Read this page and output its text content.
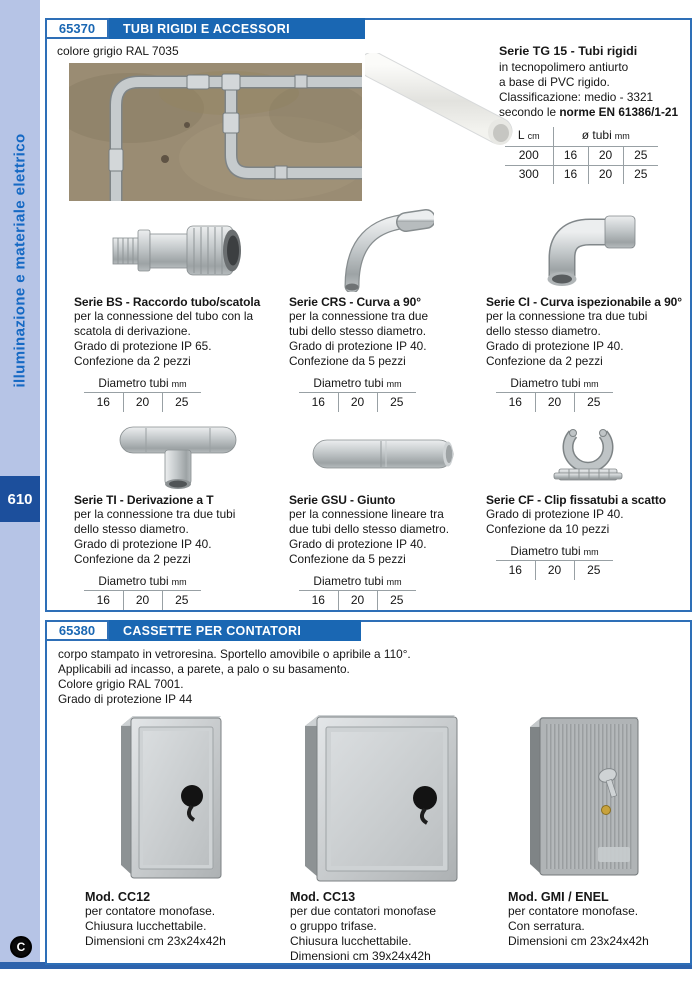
illuminazione e materiale elettrico
610
C
65370	TUBI RIGIDI E ACCESSORI
colore grigio RAL 7035	Serie TG 15 - Tubi rigidi
in tecnopolimero antiurto
a base di PVC rigido.
Classificazione: medio - 3321
secondo le norme EN 61386/1-21
L cm	ø tubi mm		
200	16	20	25
300	16	20	25
Serie BS - Raccordo tubo/scatola
per la connessione del tubo con la
scatola di derivazione.
Grado di protezione IP 65.
Confezione da 2 pezzi
Diametro tubi mm
16	20	25
Serie CRS - Curva a 90°
per la connessione tra due
tubi dello stesso diametro.
Grado di protezione IP 40.
Confezione da 5 pezzi
Diametro tubi mm
16	20	25
Serie CI - Curva ispezionabile a 90°
per la connessione tra due tubi
dello stesso diametro.
Grado di protezione IP 40.
Confezione da 2 pezzi
Diametro tubi mm
16	20	25
Serie TI - Derivazione a T
per la connessione tra due tubi
dello stesso diametro.
Grado di protezione IP 40.
Confezione da 2 pezzi
Diametro tubi mm
16	20	25
Serie GSU - Giunto
per la connessione lineare tra
due tubi dello stesso diametro.
Grado di protezione IP 40.
Confezione da 5 pezzi
Diametro tubi mm
16	20	25
Serie CF - Clip fissatubi a scatto
Grado di protezione IP 40.
Confezione da 10 pezzi
Diametro tubi mm
16	20	25
65380	CASSETTE PER CONTATORI
corpo stampato in vetroresina. Sportello amovibile o apribile a 110°.
Applicabili ad incasso, a parete, a palo o su basamento.
Colore grigio RAL 7001.
Grado di protezione IP 44
Mod. CC12
per contatore monofase.
Chiusura lucchettabile.
Dimensioni cm 23x24x42h
Mod. CC13
per due contatori monofase
o gruppo trifase.
Chiusura lucchettabile.
Dimensioni cm 39x24x42h
Mod. GMI / ENEL
per contatore monofase.
Con serratura.
Dimensioni cm 23x24x42h
